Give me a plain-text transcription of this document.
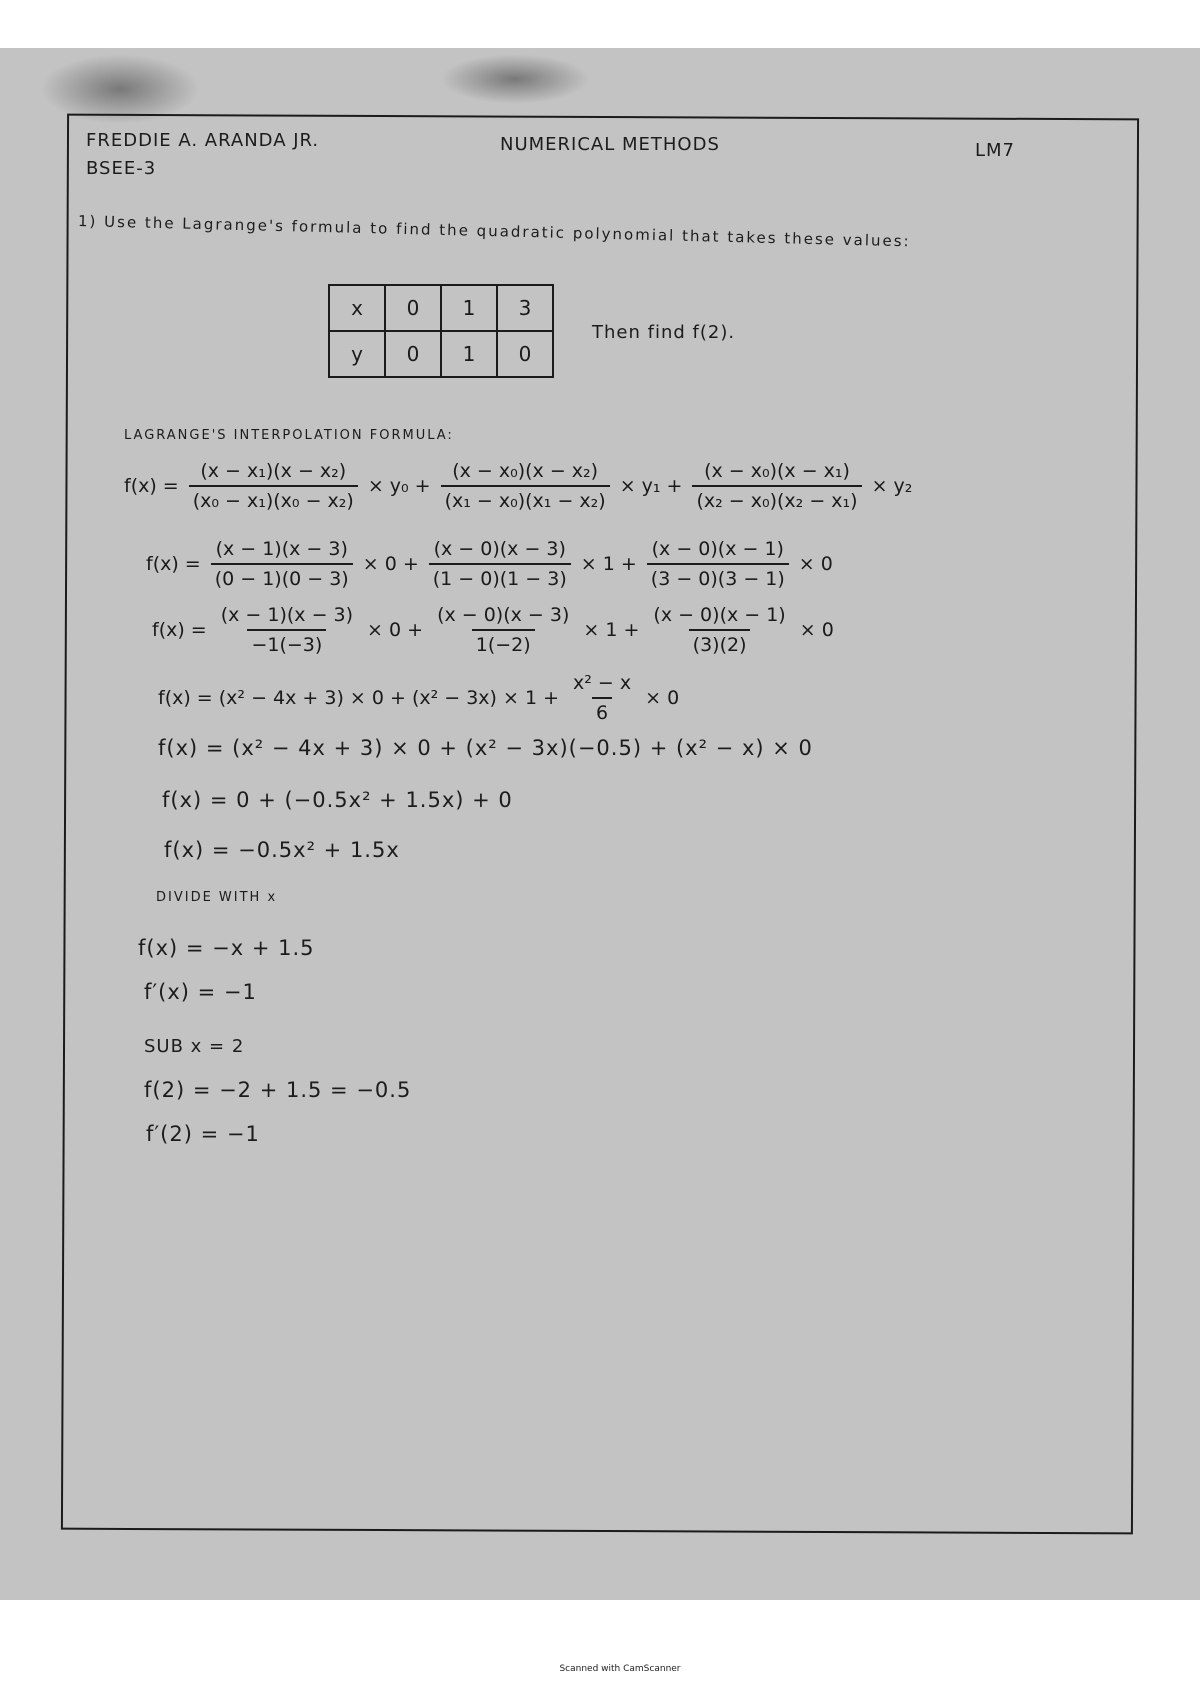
FREDDIE A. ARANDA JR.
BSEE-3
NUMERICAL METHODS	LM7
1) Use the Lagrange's formula to find the quadratic polynomial that takes these values:
x	0	1	3
y	0	1	0
Then find f(2).
LAGRANGE'S INTERPOLATION FORMULA:
$f(x) = \frac{\text{(x − x₁)(x − x₂)}}{\text{(x₀ − x₁)(x₀ − x₂)}} \times y_0 + \frac{\text{(x − x₀)(x − x₂)}}{\text{(x₁ − x₀)(x₁ − x₂)}} \times y_1 + \frac{\text{(x − x₀)(x − x₁)}}{\text{(x₂ − x₀)(x₂ − x₁)}} \times y_2$
$f(x) = \frac{(x - 1)(x - 3)}{(0 - 1)(0 - 3)} \times 0 + \frac{(x - 0)(x - 3)}{(1 - 0)(1 - 3)} \times 1 + \frac{(x - 0)(x - 1)}{(3 - 0)(3 - 1)} \times 0$
$f(x) = \frac{(x - 1)(x - 3)}{-1(-3)} \times 0 + \frac{(x - 0)(x - 3)}{1(-2)} \times 1 + \frac{(x - 0)(x - 1)}{(3)(2)} \times 0$
$f(x) = (x^2 - 4x + 3) \times 0 + (x^2 - 3x) \times 1 + \frac{\text{x² − x}}{6} \times 0$
f(x) = (x² − 4x + 3) × 0 + (x² − 3x)(−0.5) + (x² − x) × 0
f(x) = 0 + (−0.5x² + 1.5x) + 0
f(x) = −0.5x² + 1.5x
DIVIDE WITH x
f(x) = −x + 1.5
f′(x) = −1
SUB x = 2
f(2) = −2 + 1.5 = −0.5
f′(2) = −1
Scanned with CamScanner
